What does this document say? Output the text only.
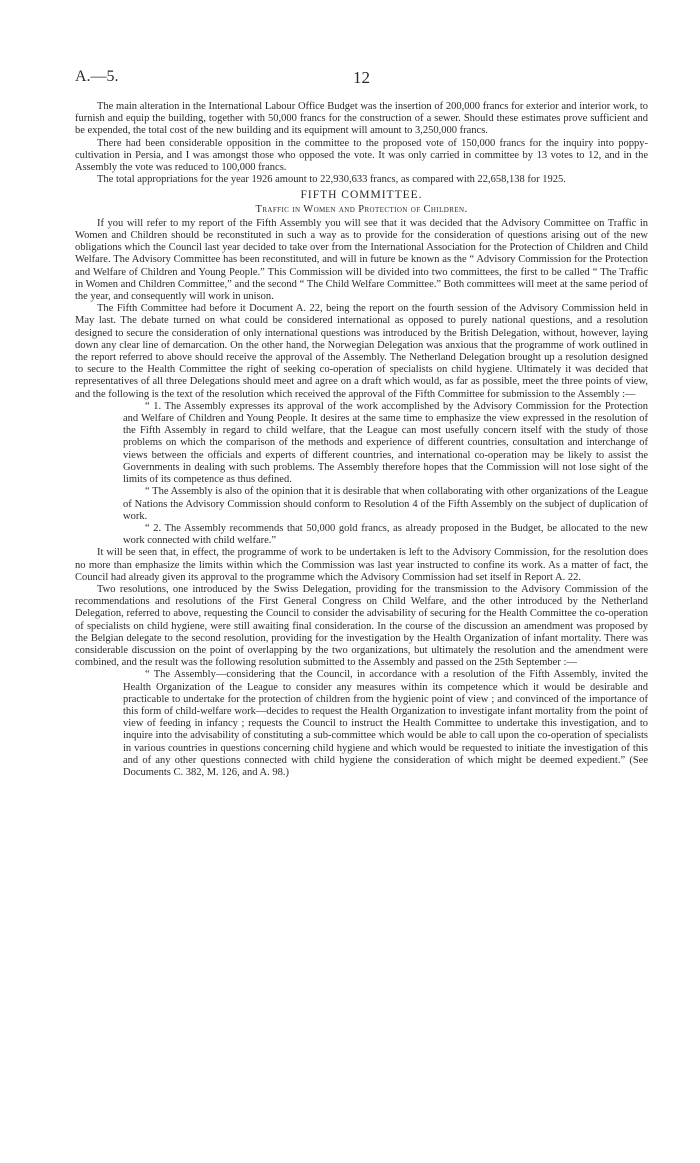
A.—5.	12

The main alteration in the International Labour Office Budget was the insertion of 200,000 francs for exterior and interior work, to furnish and equip the building, together with 50,000 francs for the construction of a sewer. Should these estimates prove sufficient and be expended, the total cost of the new building and its equipment will amount to 3,250,000 francs.

There had been considerable opposition in the committee to the proposed vote of 150,000 francs for the inquiry into poppy-cultivation in Persia, and I was amongst those who opposed the vote. It was only carried in committee by 13 votes to 12, and in the Assembly the vote was reduced to 100,000 francs.

The total appropriations for the year 1926 amount to 22,930,633 francs, as compared with 22,658,138 for 1925.

FIFTH COMMITTEE.
Traffic in Women and Protection of Children.

If you will refer to my report of the Fifth Assembly you will see that it was decided that the Advisory Committee on Traffic in Women and Children should be reconstituted in such a way as to provide for the consideration of questions arising out of the new obligations which the Council last year decided to take over from the International Association for the Protection of Children and Child Welfare. The Advisory Committee has been reconstituted, and will in future be known as the “ Advisory Commission for the Protection and Welfare of Children and Young People.” This Commission will be divided into two committees, the first to be called “ The Traffic in Women and Children Committee,” and the second “ The Child Welfare Committee.” Both committees will meet at the same period of the year, and consequently will work in unison.

The Fifth Committee had before it Document A. 22, being the report on the fourth session of the Advisory Commission held in May last. The debate turned on what could be considered international as opposed to purely national questions, and a resolution designed to secure the consideration of only international questions was introduced by the British Delegation, without, however, laying down any clear line of demarcation. On the other hand, the Norwegian Delegation was anxious that the programme of work outlined in the report referred to above should receive the approval of the Assembly. The Netherland Delegation brought up a resolution designed to secure to the Health Committee the right of seeking co-operation of specialists on child hygiene. Ultimately it was decided that representatives of all three Delegations should meet and agree on a draft which would, as far as possible, meet the three points of view, and the following is the text of the resolution which received the approval of the Fifth Committee for submission to the Assembly :—

“ 1. The Assembly expresses its approval of the work accomplished by the Advisory Commission for the Protection and Welfare of Children and Young People. It desires at the same time to emphasize the view expressed in the resolution of the Fifth Assembly in regard to child welfare, that the League can most usefully concern itself with the study of those problems on which the comparison of the methods and experience of different countries, consultation and interchange of views between the officials and experts of different countries, and international co-operation may be likely to assist the Governments in dealing with such problems. The Assembly therefore hopes that the Commission will not lose sight of the limits of its competence as thus defined.

“ The Assembly is also of the opinion that it is desirable that when collaborating with other organizations of the League of Nations the Advisory Commission should conform to Resolution 4 of the Fifth Assembly on the subject of duplication of work.

“ 2. The Assembly recommends that 50,000 gold francs, as already proposed in the Budget, be allocated to the new work connected with child welfare.”

It will be seen that, in effect, the programme of work to be undertaken is left to the Advisory Commission, for the resolution does no more than emphasize the limits within which the Commission was last year instructed to confine its work. As a matter of fact, the Council had already given its approval to the programme which the Advisory Commission had set itself in Report A. 22.

Two resolutions, one introduced by the Swiss Delegation, providing for the transmission to the Advisory Commission of the recommendations and resolutions of the First General Congress on Child Welfare, and the other introduced by the Netherland Delegation, referred to above, requesting the Council to consider the advisability of securing for the Health Committee the co-operation of specialists on child hygiene, were still awaiting final consideration. In the course of the discussion an amendment was proposed by the Belgian delegate to the second resolution, providing for the investigation by the Health Organization of infant mortality. There was considerable discussion on the point of overlapping by the two organizations, but ultimately the resolution and the amendment were combined, and the result was the following resolution submitted to the Assembly and passed on the 25th September :—

“ The Assembly—considering that the Council, in accordance with a resolution of the Fifth Assembly, invited the Health Organization of the League to consider any measures within its competence which it would be desirable and practicable to undertake for the protection of children from the hygienic point of view ; and convinced of the importance of this form of child-welfare work—decides to request the Health Organization to investigate infant mortality from the point of view of feeding in infancy ; requests the Council to instruct the Health Committee to undertake this investigation, and to inquire into the advisability of constituting a sub-committee which would be able to call upon the co-operation of specialists in various countries in questions concerning child hygiene and which would be requested to initiate the investigation of this and of any other questions connected with child hygiene the consideration of which might be deemed expedient.” (See Documents C. 382, M. 126, and A. 98.)
